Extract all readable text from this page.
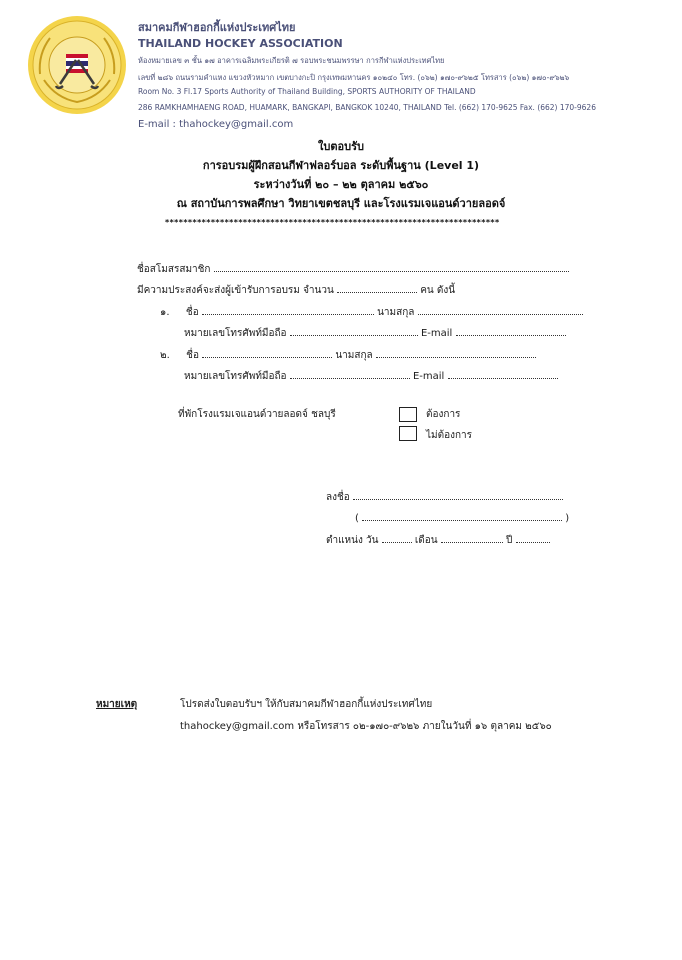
สมาคมกีฬาฮอกกี้แห่งประเทศไทย
THAILAND HOCKEY ASSOCIATION
ห้องหมายเลข ๓ ชั้น ๑๗ อาคารเฉลิมพระเกียรติ ๗ รอบพระชนมพรรษา การกีฬาแห่งประเทศไทย
เลขที่ ๒๘๖ ถนนรามคำแหง แขวงหัวหมาก เขตบางกะปิ กรุงเทพมหานคร ๑๐๒๔๐ โทร. (๐๖๒) ๑๗๐-๙๖๒๕ โทรสาร (๐๖๒) ๑๗๐-๙๖๒๖
Room No. 3 Fl.17 Sports Authority of Thailand Building, SPORTS AUTHORITY OF THAILAND
286 RAMKHAMHAENG ROAD, HUAMARK, BANGKAPI, BANGKOK 10240, THAILAND Tel. (662) 170-9625 Fax. (662) 170-9626
E-mail : thahockey@gmail.com
ใบตอบรับ
การอบรมผู้ฝึกสอนกีฬาฟลอร์บอล ระดับพื้นฐาน (Level 1)
ระหว่างวันที่ ๒๐ – ๒๒ ตุลาคม ๒๕๖๐
ณ สถาบันการพลศึกษา วิทยาเขตชลบุรี และโรงแรมเจแอนด์วายลอดจ์
*************************************************************************
ชื่อสโมสรสมาชิก
มีความประสงค์จะส่งผู้เข้ารับการอบรม จำนวน	คน ดังนี้
๑. ชื่อ	นามสกุล
หมายเลขโทรศัพท์มือถือ	E-mail
๒. ชื่อ	นามสกุล
หมายเลขโทรศัพท์มือถือ	E-mail
ที่พักโรงแรมเจแอนด์วายลอดจ์ ชลบุรี	ต้องการ
ไม่ต้องการ
ลงชื่อ
(	)
ตำแหน่ง วัน	เดือน	ปี
หมายเหตุ	โปรดส่งใบตอบรับฯ ให้กับสมาคมกีฬาฮอกกี้แห่งประเทศไทย
thahockey@gmail.com หรือโทรสาร ๐๒-๑๗๐-๙๖๒๖ ภายในวันที่ ๑๖ ตุลาคม ๒๕๖๐
